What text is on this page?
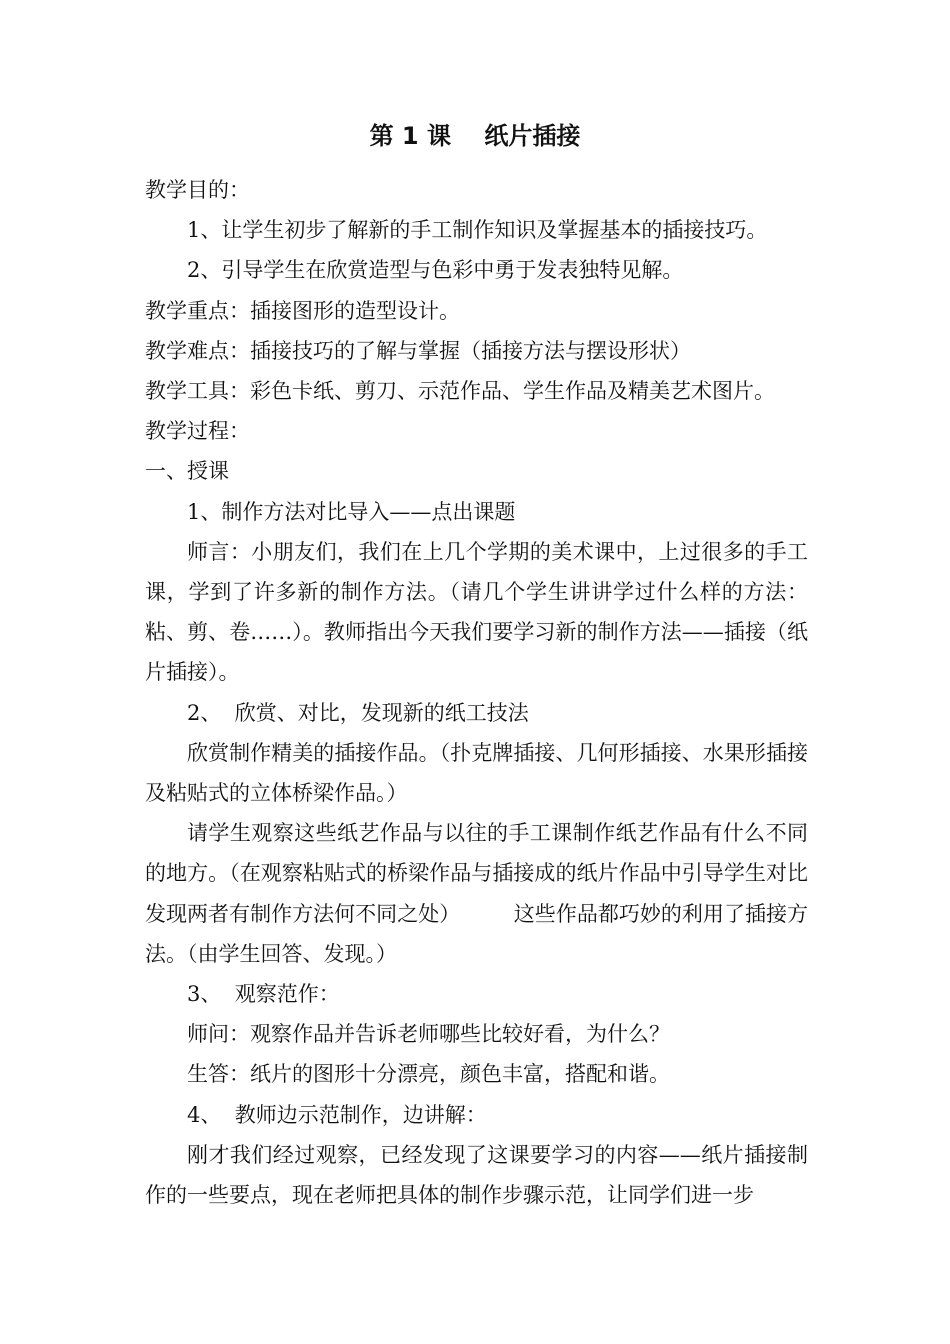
第 1 课    纸片插接

教学目的：

1、让学生初步了解新的手工制作知识及掌握基本的插接技巧。

2、引导学生在欣赏造型与色彩中勇于发表独特见解。

教学重点：插接图形的造型设计。

教学难点：插接技巧的了解与掌握（插接方法与摆设形状）

教学工具：彩色卡纸、剪刀、示范作品、学生作品及精美艺术图片。

教学过程：

一、授课

1、制作方法对比导入——点出课题

师言：小朋友们，我们在上几个学期的美术课中，上过很多的手工课，学到了许多新的制作方法。（请几个学生讲讲学过什么样的方法：粘、剪、卷……）。教师指出今天我们要学习新的制作方法——插接（纸片插接）。

2、  欣赏、对比，发现新的纸工技法

欣赏制作精美的插接作品。（扑克牌插接、几何形插接、水果形插接及粘贴式的立体桥梁作品。）

请学生观察这些纸艺作品与以往的手工课制作纸艺作品有什么不同的地方。（在观察粘贴式的桥梁作品与插接成的纸片作品中引导学生对比发现两者有制作方法何不同之处）        这些作品都巧妙的利用了插接方法。（由学生回答、发现。）

3、  观察范作：

师问：观察作品并告诉老师哪些比较好看，为什么？

生答：纸片的图形十分漂亮，颜色丰富，搭配和谐。

4、  教师边示范制作，边讲解：

刚才我们经过观察，已经发现了这课要学习的内容——纸片插接制作的一些要点，现在老师把具体的制作步骤示范，让同学们进一步
